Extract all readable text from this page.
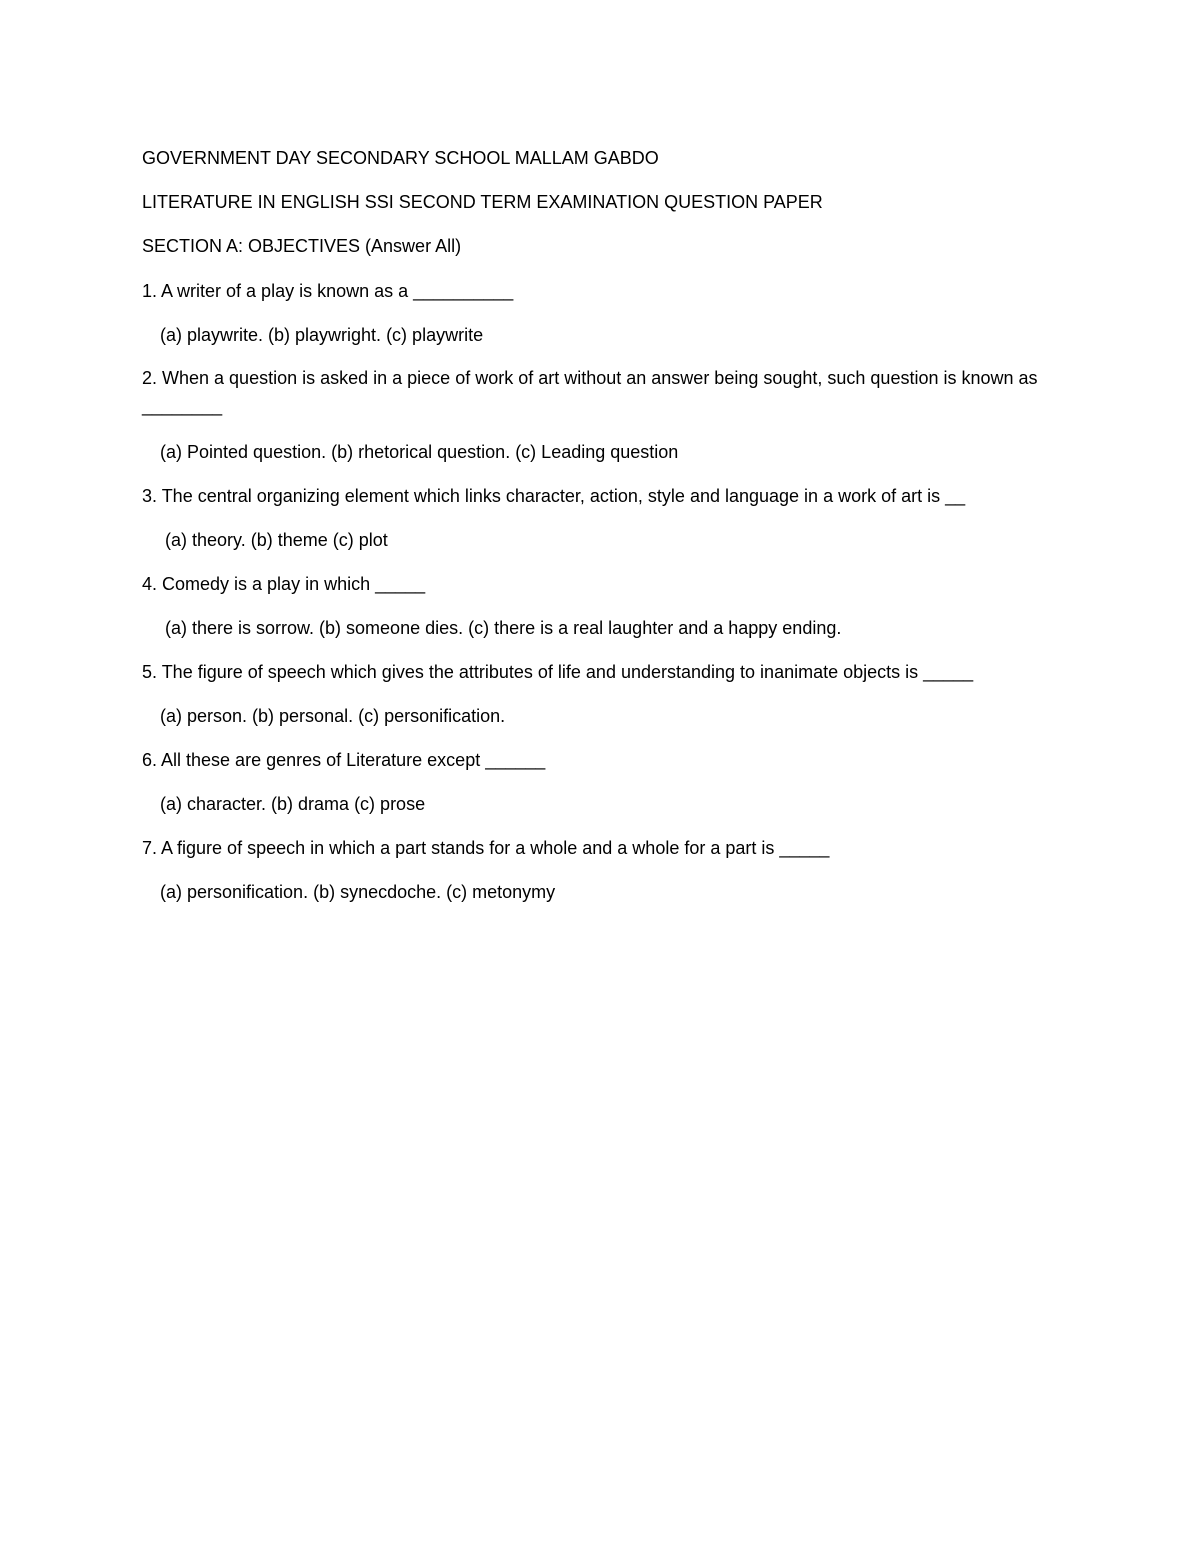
GOVERNMENT DAY SECONDARY SCHOOL MALLAM GABDO
LITERATURE IN ENGLISH SSI SECOND TERM EXAMINATION QUESTION PAPER
SECTION A: OBJECTIVES (Answer All)
1. A writer of a play is known as a __________
(a) playwrite. (b) playwright. (c) playwrite
2. When a question is asked in a piece of work of art without an answer being sought, such question is known as ________
(a) Pointed question. (b) rhetorical question. (c) Leading question
3. The central organizing element which links character, action, style and language in a work of art is __
(a) theory. (b) theme (c) plot
4. Comedy is a play in which _____
(a) there is sorrow. (b) someone dies. (c) there is a real laughter and a happy ending.
5. The figure of speech which gives the attributes of life and understanding to inanimate objects is _____
(a) person. (b) personal. (c) personification.
6. All these are genres of Literature except ______
(a) character. (b) drama (c) prose
7. A figure of speech in which a part stands for a whole and a whole for a part is _____
(a) personification. (b) synecdoche. (c) metonymy
